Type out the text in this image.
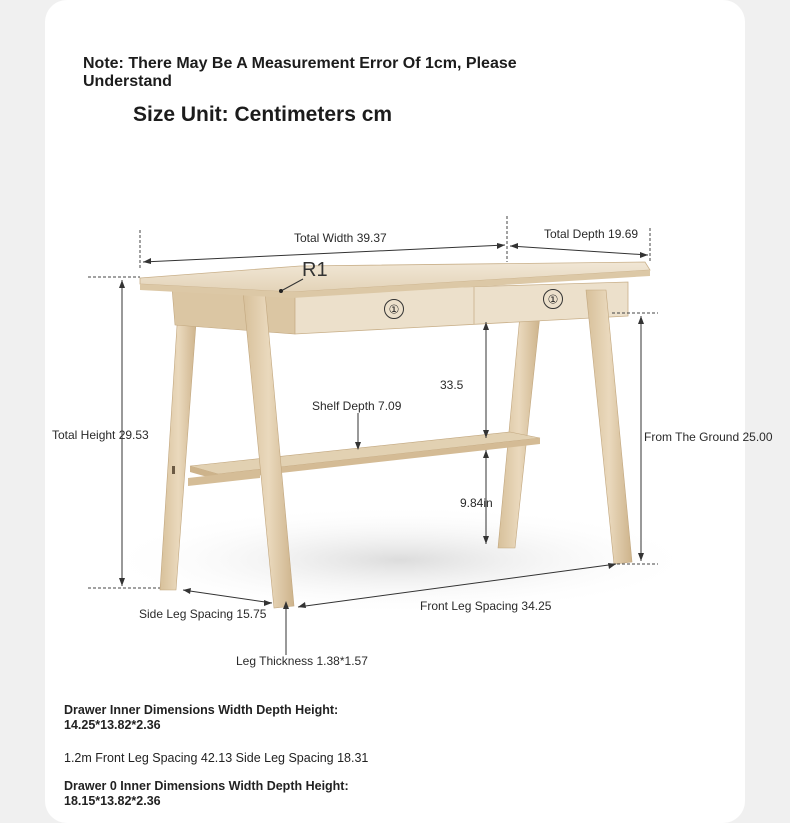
Note: There May Be A Measurement Error Of 1cm, Please Understand
Size Unit: Centimeters cm
①
①
Total Width 39.37	Total Depth 19.69
R1
Total Height 29.53
33.5
Shelf Depth 7.09
9.84in
From The Ground 25.00
Side Leg Spacing 15.75
Front Leg Spacing 34.25
Leg Thickness 1.38*1.57
Drawer Inner Dimensions Width Depth Height:
14.25*13.82*2.36
1.2m Front Leg Spacing 42.13 Side Leg Spacing 18.31
Drawer 0 Inner Dimensions Width Depth Height:
18.15*13.82*2.36
